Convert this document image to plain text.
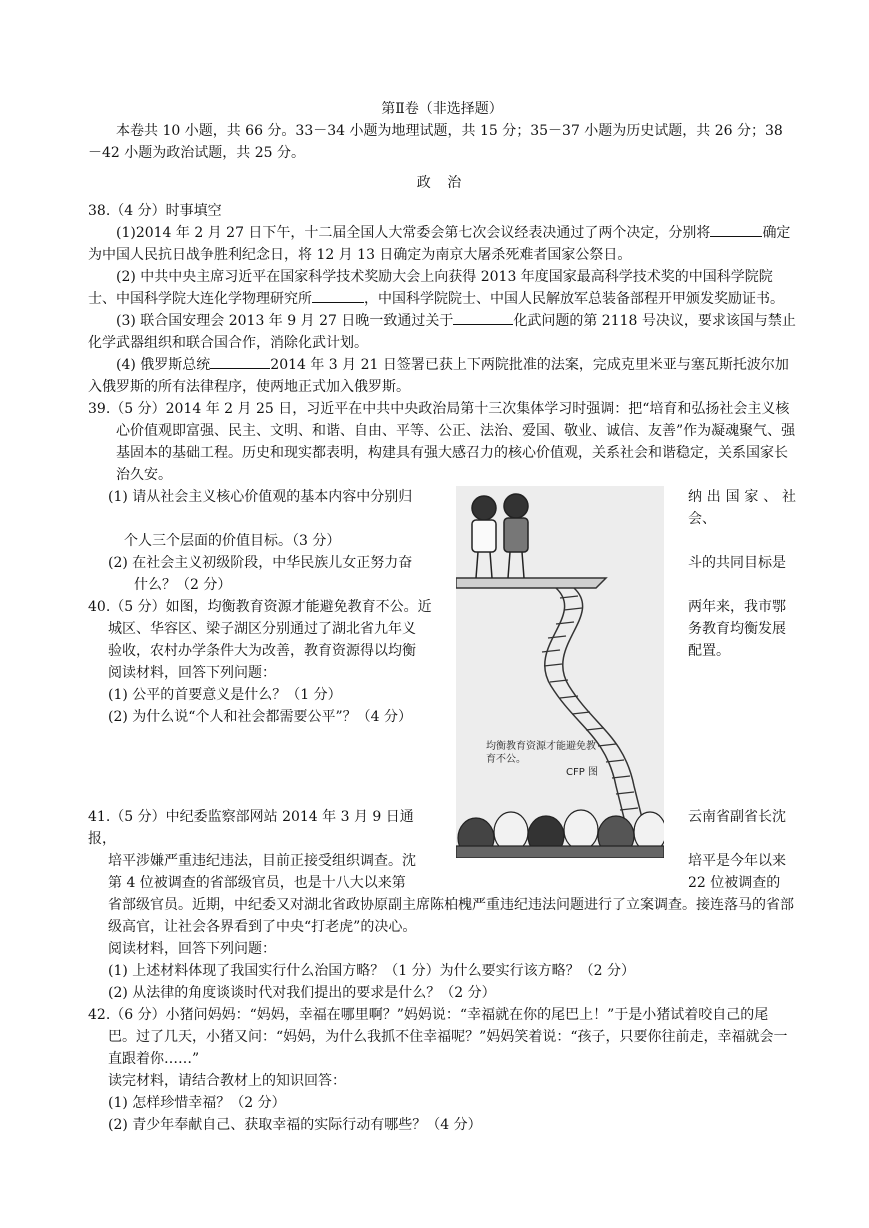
第Ⅱ卷（非选择题）

本卷共 10 小题，共 66 分。33－34 小题为地理试题，共 15 分；35－37 小题为历史试题，共 26 分；38－42 小题为政治试题，共 25 分。

政 治

38.（4 分）时事填空

(1)2014 年 2 月 27 日下午，十二届全国人大常委会第七次会议经表决通过了两个决定，分别将	确定为中国人民抗日战争胜利纪念日，将 12 月 13 日确定为南京大屠杀死难者国家公祭日。

(2) 中共中央主席习近平在国家科学技术奖励大会上向获得 2013 年度国家最高科学技术奖的中国科学院院士、中国科学院大连化学物理研究所	，中国科学院院士、中国人民解放军总装备部程开甲颁发奖励证书。

(3) 联合国安理会 2013 年 9 月 27 日晚一致通过关于	化武问题的第 2118 号决议，要求该国与禁止化学武器组织和联合国合作，消除化武计划。

(4) 俄罗斯总统	2014 年 3 月 21 日签署已获上下两院批准的法案，完成克里米亚与塞瓦斯托波尔加入俄罗斯的所有法律程序，使两地正式加入俄罗斯。

39.（5 分）2014 年 2 月 25 日，习近平在中共中央政治局第十三次集体学习时强调：把“培育和弘扬社会主义核心价值观即富强、民主、文明、和谐、自由、平等、公正、法治、爱国、敬业、诚信、友善”作为凝魂聚气、强基固本的基础工程。历史和现实都表明，构建具有强大感召力的核心价值观，关系社会和谐稳定，关系国家长治久安。

(1) 请从社会主义核心价值观的基本内容中分别归	纳出国家、社会、

个人三个层面的价值目标。（3 分）

(2) 在社会主义初级阶段，中华民族儿女正努力奋	斗的共同目标是

什么？（2 分）

40.（5 分）如图，均衡教育资源才能避免教育不公。近	两年来，我市鄂

城区、华容区、梁子湖区分别通过了湖北省九年义	务教育均衡发展

验收，农村办学条件大为改善，教育资源得以均衡	配置。

阅读材料，回答下列问题：

(1) 公平的首要意义是什么？（1 分）

(2) 为什么说“个人和社会都需要公平”？（4 分）

41.（5 分）中纪委监察部网站 2014 年 3 月 9 日通报，

云南省副省长沈

培平涉嫌严重违纪违法，目前正接受组织调查。沈	培平是今年以来

第 4 位被调查的省部级官员，也是十八大以来第	22 位被调查的

省部级官员。近期，中纪委又对湖北省政协原副主席陈柏槐严重违纪违法问题进行了立案调查。接连落马的省部级高官，让社会各界看到了中央“打老虎”的决心。

阅读材料，回答下列问题：

(1) 上述材料体现了我国实行什么治国方略？（1 分）为什么要实行该方略？（2 分）

(2) 从法律的角度谈谈时代对我们提出的要求是什么？（2 分）

42.（6 分）小猪问妈妈：“妈妈，幸福在哪里啊？”妈妈说：“幸福就在你的尾巴上！”于是小猪试着咬自己的尾巴。过了几天，小猪又问：“妈妈，为什么我抓不住幸福呢？”妈妈笑着说：“孩子，只要你往前走，幸福就会一直跟着你……”

读完材料，请结合教材上的知识回答：

(1) 怎样珍惜幸福？（2 分）

(2) 青少年奉献自己、获取幸福的实际行动有哪些？（4 分）

均衡教育资源才能避免教育不公。
CFP 图
